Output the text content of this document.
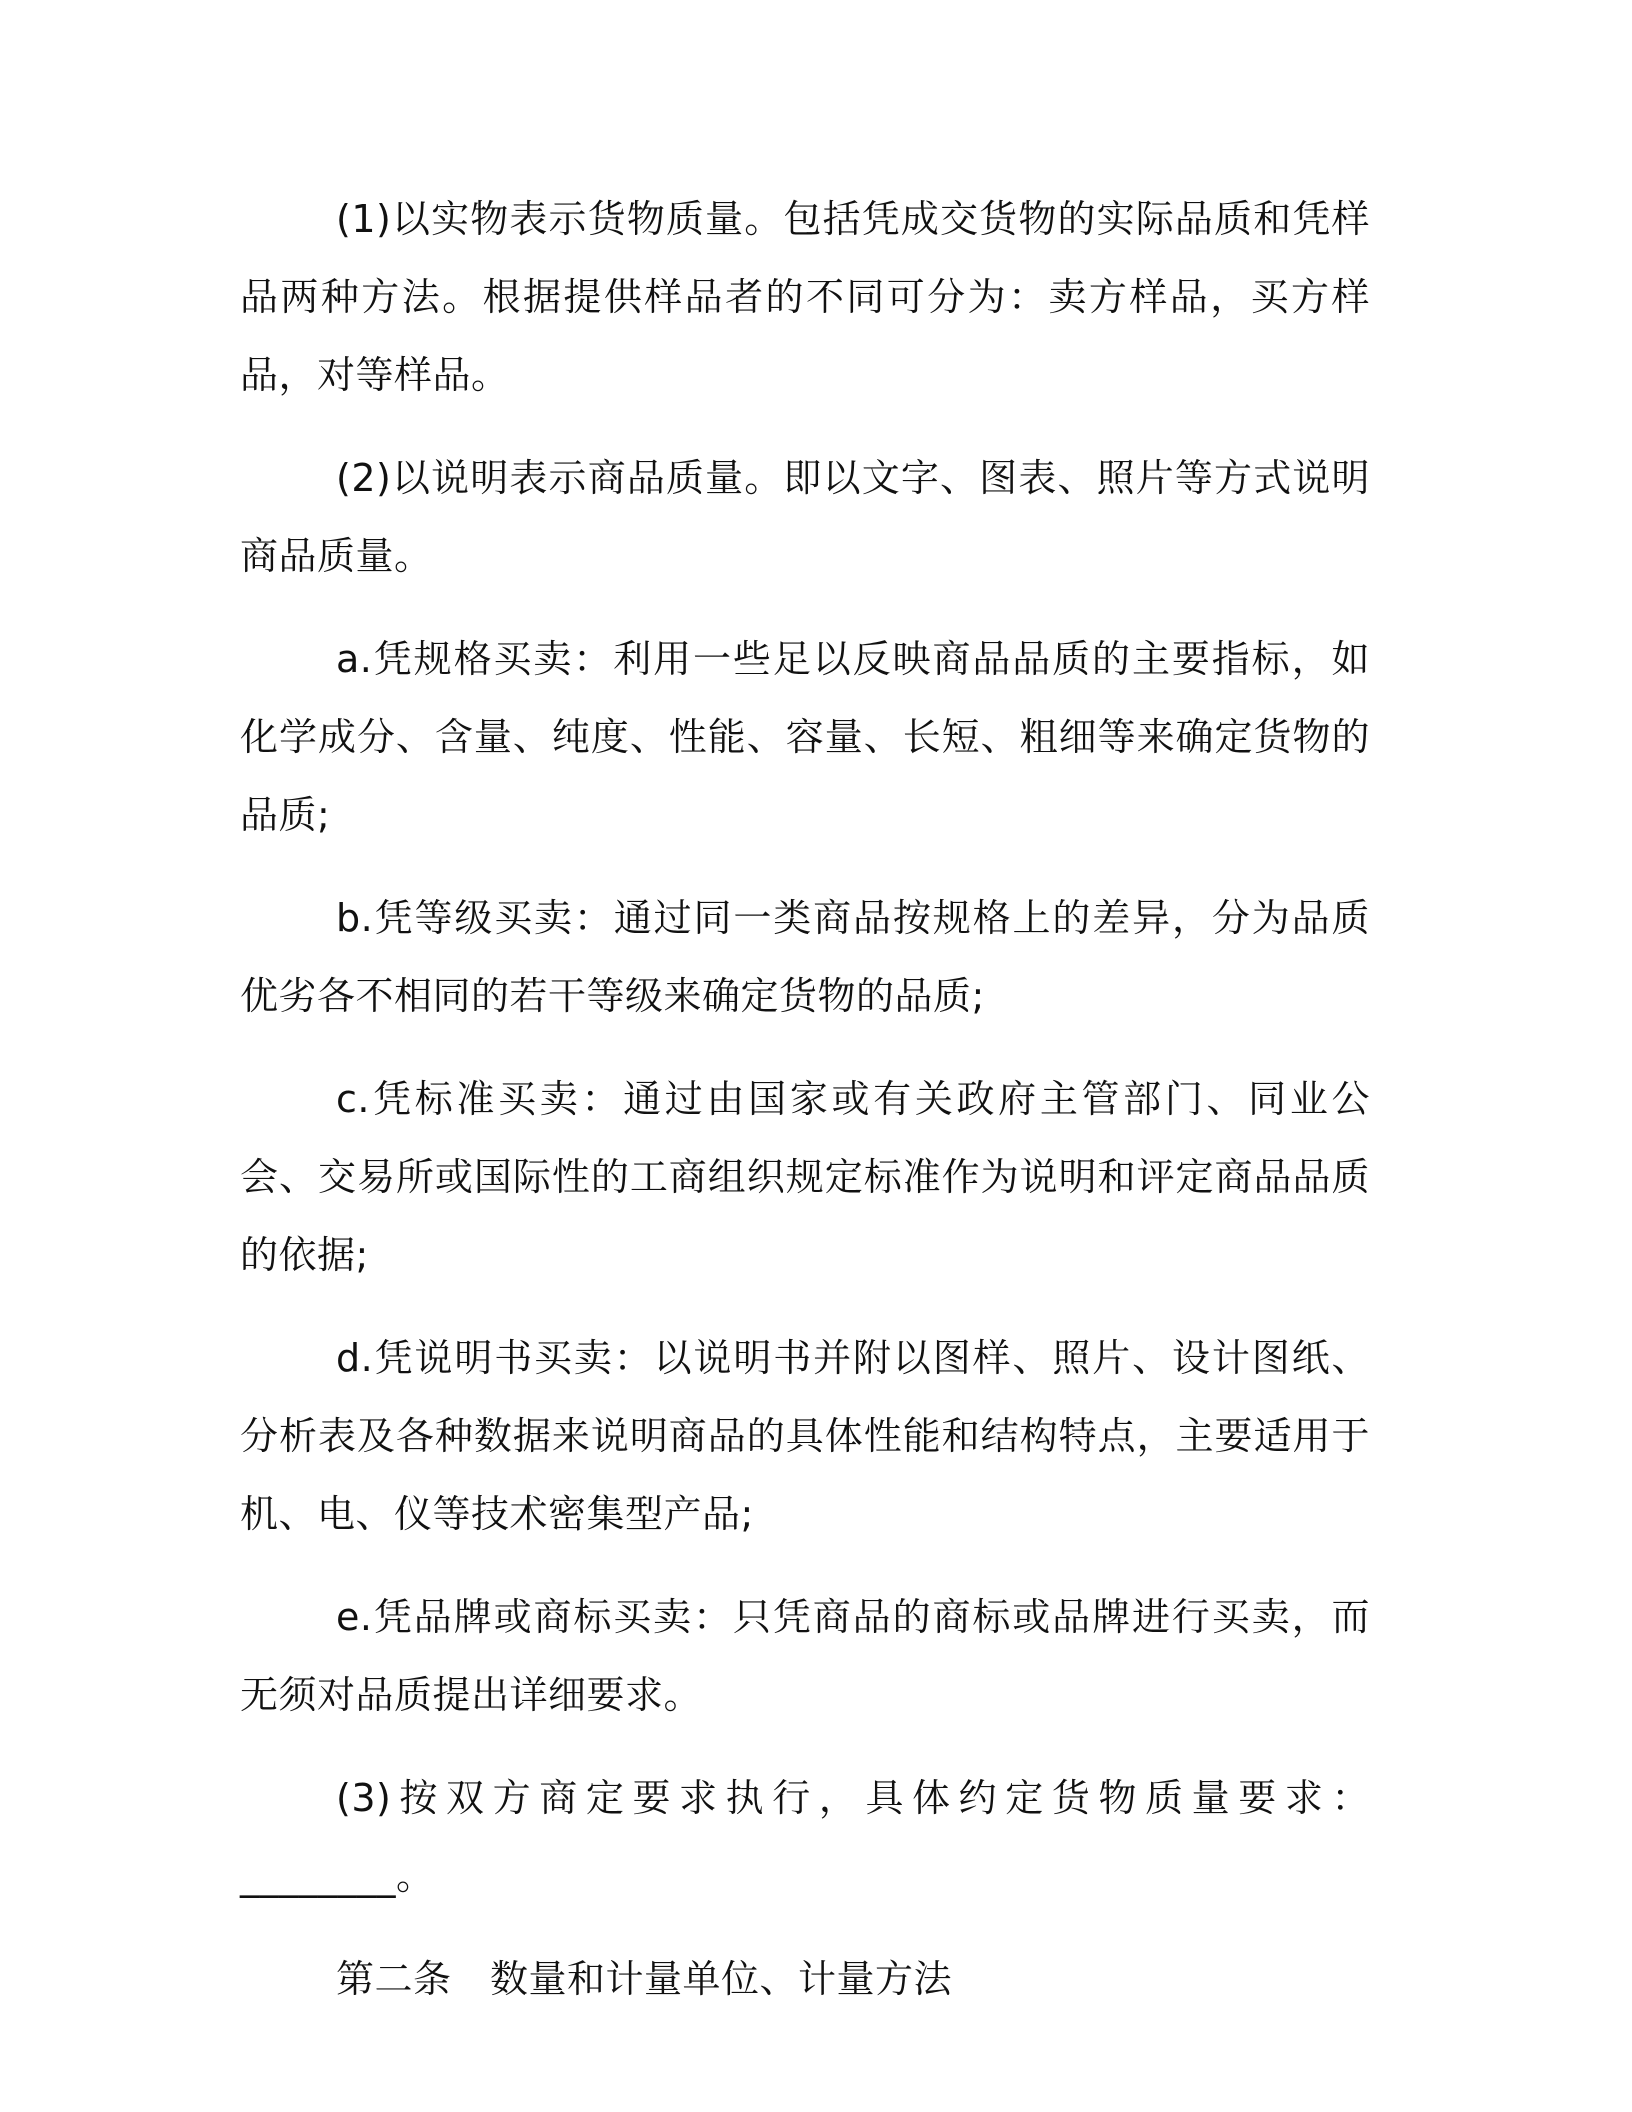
(1)以实物表示货物质量。包括凭成交货物的实际品质和凭样品两种方法。根据提供样品者的不同可分为：卖方样品，买方样品，对等样品。

(2)以说明表示商品质量。即以文字、图表、照片等方式说明商品质量。

a.凭规格买卖：利用一些足以反映商品品质的主要指标，如化学成分、含量、纯度、性能、容量、长短、粗细等来确定货物的品质;

b.凭等级买卖：通过同一类商品按规格上的差异，分为品质优劣各不相同的若干等级来确定货物的品质;

c.凭标准买卖：通过由国家或有关政府主管部门、同业公会、交易所或国际性的工商组织规定标准作为说明和评定商品品质的依据;

d.凭说明书买卖：以说明书并附以图样、照片、设计图纸、分析表及各种数据来说明商品的具体性能和结构特点，主要适用于机、电、仪等技术密集型产品;

e.凭品牌或商标买卖：只凭商品的商标或品牌进行买卖，而无须对品质提出详细要求。

(3)按双方商定要求执行，具体约定货物质量要求：________。

第二条　数量和计量单位、计量方法
